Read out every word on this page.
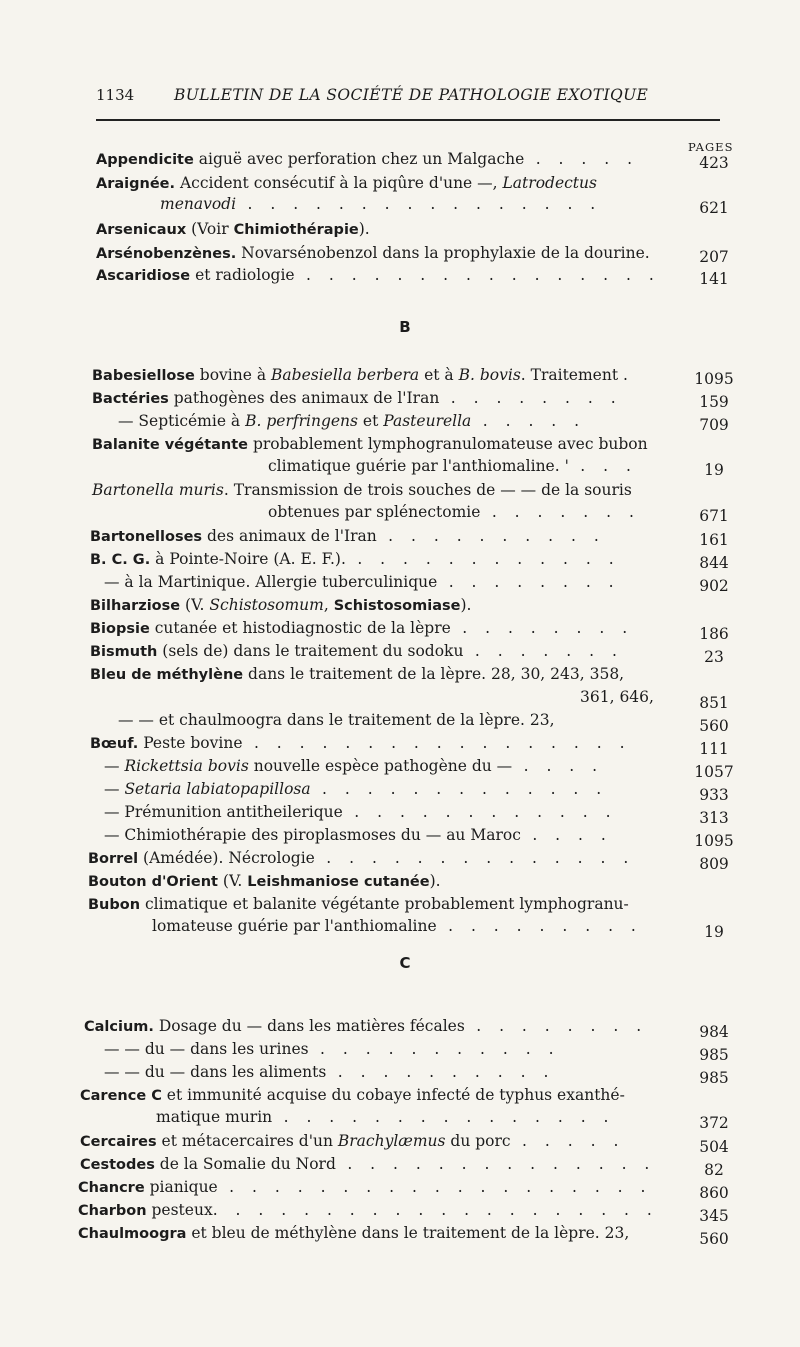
1134	BULLETIN DE LA SOCIÉTÉ DE PATHOLOGIE EXOTIQUE
PAGES
B
C
Appendicite aiguë avec perforation chez un Malgache . . . . .	423
Araignée. Accident consécutif à la piqûre d'une —, Latrodectus
menavodi . . . . . . . . . . . . . . . .	621
Arsenicaux (Voir Chimiothérapie).
Arsénobenzènes. Novarsénobenzol dans la prophylaxie de la dourine.	207
Ascaridiose et radiologie . . . . . . . . . . . . . . . .	141
Babesiellose bovine à Babesiella berbera et à B. bovis. Traitement .	1095
Bactéries pathogènes des animaux de l'Iran . . . . . . . .	159
— Septicémie à B. perfringens et Pasteurella . . . . .	709
Balanite végétante probablement lymphogranulomateuse avec bubon
climatique guérie par l'anthiomaline. ' . . .	19
Bartonella muris. Transmission de trois souches de — — de la souris
obtenues par splénectomie . . . . . . .	671
Bartonelloses des animaux de l'Iran . . . . . . . . . .	161
B. C. G. à Pointe-Noire (A. E. F.). . . . . . . . . . . . .	844
— à la Martinique. Allergie tuberculinique . . . . . . . .	902
Bilharziose (V. Schistosomum, Schistosomiase).
Biopsie cutanée et histodiagnostic de la lèpre . . . . . . . .	186
Bismuth (sels de) dans le traitement du sodoku . . . . . . .	23
Bleu de méthylène dans le traitement de la lèpre. 28, 30, 243, 358,
361, 646,	851
— — et chaulmoogra dans le traitement de la lèpre. 23,	560
Bœuf. Peste bovine . . . . . . . . . . . . . . . . .	111
— Rickettsia bovis nouvelle espèce pathogène du — . . . .	1057
— Setaria labiatopapillosa . . . . . . . . . . . . .	933
— Prémunition antitheilerique . . . . . . . . . . . .	313
— Chimiothérapie des piroplasmoses du — au Maroc . . . .	1095
Borrel (Amédée). Nécrologie . . . . . . . . . . . . . .	809
Bouton d'Orient (V. Leishmaniose cutanée).
Bubon climatique et balanite végétante probablement lymphogranu-
lomateuse guérie par l'anthiomaline . . . . . . . . .	19
Calcium. Dosage du — dans les matières fécales . . . . . . . .	984
— — du — dans les urines . . . . . . . . . . .	985
— — du — dans les aliments . . . . . . . . . .	985
Carence C et immunité acquise du cobaye infecté de typhus exanthé-
matique murin . . . . . . . . . . . . . . .	372
Cercaires et métacercaires d'un Brachylæmus du porc . . . . .	504
Cestodes de la Somalie du Nord . . . . . . . . . . . . . .	82
Chancre pianique . . . . . . . . . . . . . . . . . . .	860
Charbon pesteux. . . . . . . . . . . . . . . . . . . .	345
Chaulmoogra et bleu de méthylène dans le traitement de la lèpre. 23,	560
